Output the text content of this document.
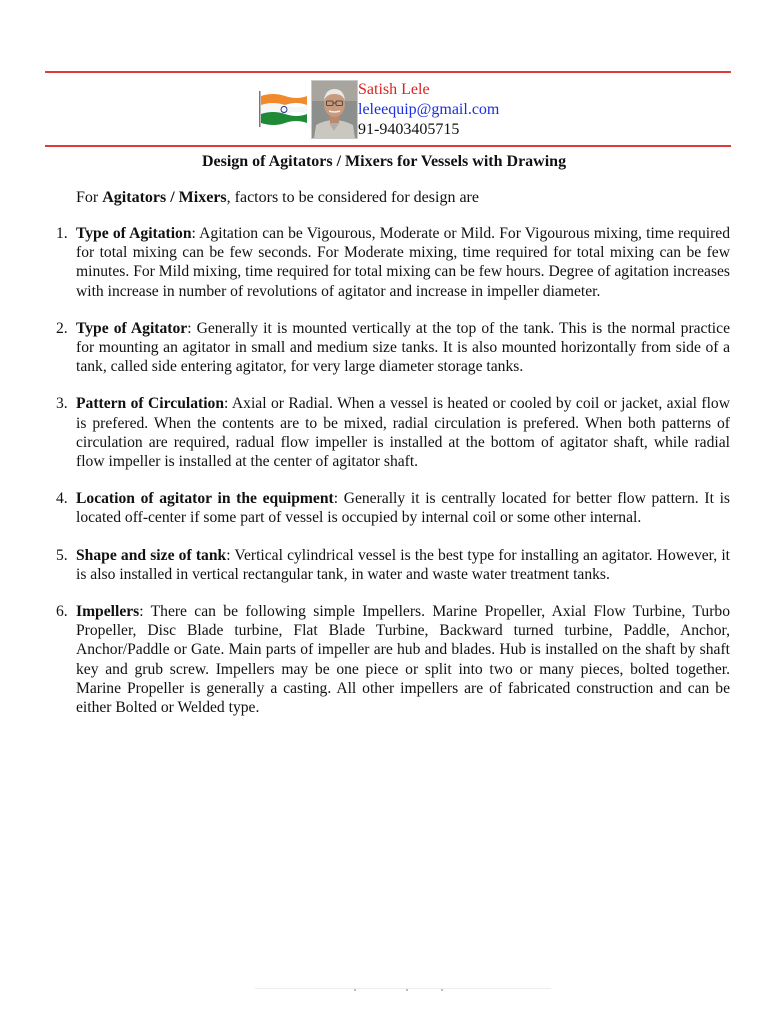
Satish Lele
leleequip@gmail.com
91-9403405715
Design of Agitators / Mixers for Vessels with Drawing
For Agitators / Mixers, factors to be considered for design are
1. Type of Agitation: Agitation can be Vigourous, Moderate or Mild. For Vigourous mixing, time required for total mixing can be few seconds. For Moderate mixing, time required for total mixing can be few minutes. For Mild mixing, time required for total mixing can be few hours. Degree of agitation increases with increase in number of revolutions of agitator and increase in impeller diameter.
2. Type of Agitator: Generally it is mounted vertically at the top of the tank. This is the normal practice for mounting an agitator in small and medium size tanks. It is also mounted horizontally from side of a tank, called side entering agitator, for very large diameter storage tanks.
3. Pattern of Circulation: Axial or Radial. When a vessel is heated or cooled by coil or jacket, axial flow is prefered. When the contents are to be mixed, radial circulation is prefered. When both patterns of circulation are required, radual flow impeller is installed at the bottom of agitator shaft, while radial flow impeller is installed at the center of agitator shaft.
4. Location of agitator in the equipment: Generally it is centrally located for better flow pattern. It is located off-center if some part of vessel is occupied by internal coil or some other internal.
5. Shape and size of tank: Vertical cylindrical vessel is the best type for installing an agitator. However, it is also installed in vertical rectangular tank, in water and waste water treatment tanks.
6. Impellers: There can be following simple Impellers. Marine Propeller, Axial Flow Turbine, Turbo Propeller, Disc Blade turbine, Flat Blade Turbine, Backward turned turbine, Paddle, Anchor, Anchor/Paddle or Gate. Main parts of impeller are hub and blades. Hub is installed on the shaft by shaft key and grub screw. Impellers may be one piece or split into two or many pieces, bolted together. Marine Propeller is generally a casting. All other impellers are of fabricated construction and can be either Bolted or Welded type.
